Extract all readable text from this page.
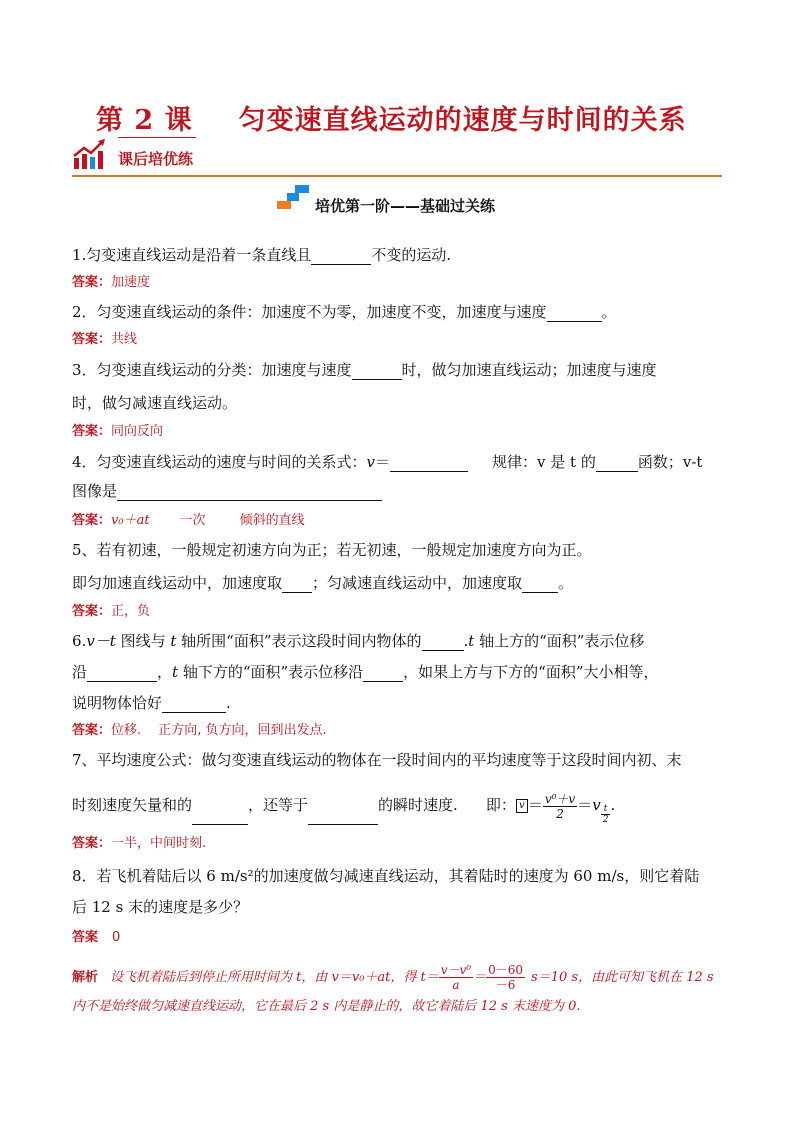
第 2 课 匀变速直线运动的速度与时间的关系
课后培优练
培优第一阶——基础过关练
1.匀变速直线运动是沿着一条直线且	不变的运动.
答案：加速度
2．匀变速直线运动的条件：加速度不为零，加速度不变，加速度与速度	。
答案：共线
3．匀变速直线运动的分类：加速度与速度	时，做匀加速直线运动；加速度与速度
时，做匀减速直线运动。
答案：同向反向
4．匀变速直线运动的速度与时间的关系式：v＝	规律：v 是 t 的	函数；v-t
图像是
答案：v₀＋at 一次	倾斜的直线
5、若有初速，一般规定初速方向为正；若无初速，一般规定加速度方向为正。
即匀加速直线运动中，加速度取 ；匀减速直线运动中，加速度取 。
答案：正，负
6.v－t 图线与 t 轴所围“面积”表示这段时间内物体的	.t 轴上方的“面积”表示位移
沿	，t 轴下方的“面积”表示位移沿	，如果上方与下方的“面积”大小相等，
说明物体恰好	.
答案：位移.　 正方向, 负方向，回到出发点.
7、平均速度公式：做匀变速直线运动的物体在一段时间内的平均速度等于这段时间内初、末
时刻速度矢量和的	，还等于	的瞬时速度. 即： $v = \frac{\text{v⁰＋v}}{2} =v \frac{t}{2}$ .
答案：一半，中间时刻.
8．若飞机着陆后以 6 m/s²的加速度做匀减速直线运动，其着陆时的速度为 60 m/s，则它着陆
后 12 s 末的速度是多少？
答案 0
解析 设飞机着陆后到停止所用时间为 t，由 v＝v₀＋at，得 $t= \frac{\text{v－v⁰}}{a} = \frac{0-60}{-6} s=10$ s，由此可知飞机在 12 s
内不是始终做匀减速直线运动，它在最后 2 s 内是静止的，故它着陆后 12 s 末速度为 0.
